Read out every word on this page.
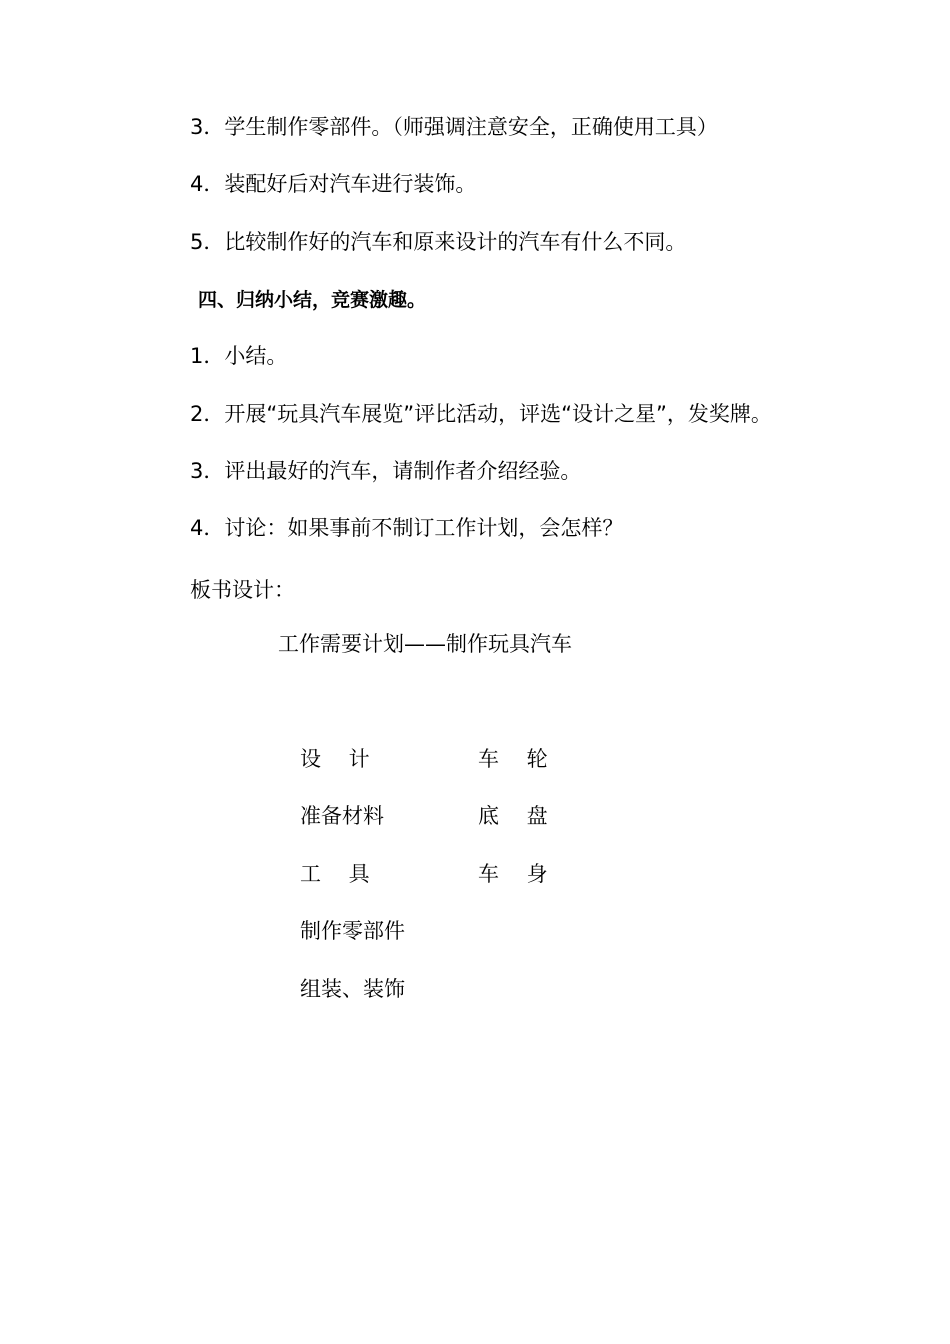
3．学生制作零部件。（师强调注意安全，正确使用工具）
4．装配好后对汽车进行装饰。
5．比较制作好的汽车和原来设计的汽车有什么不同。
四、归纳小结，竞赛激趣。
1．小结。
2．开展“玩具汽车展览”评比活动，评选“设计之星”，发奖牌。
3．评出最好的汽车，请制作者介绍经验。
4．讨论：如果事前不制订工作计划，会怎样？
板书设计：
工作需要计划——制作玩具汽车
设　 计
准备材料
工　 具
制作零部件
组装、装饰
车　 轮
底　 盘
车　 身
